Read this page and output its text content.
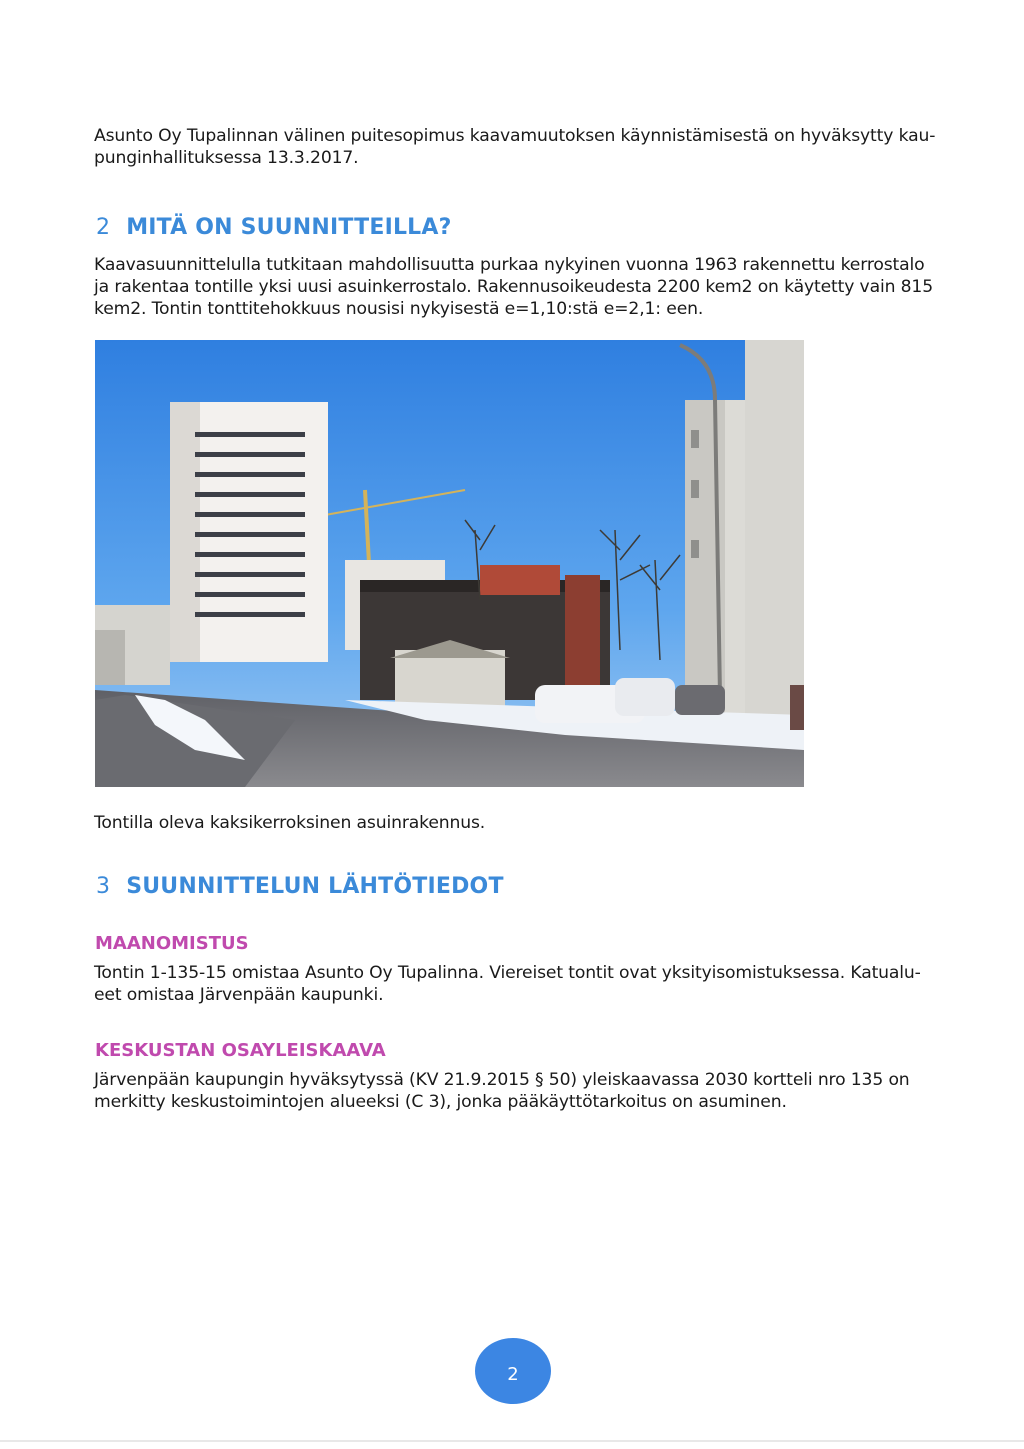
Asunto Oy Tupalinnan välinen puitesopimus kaavamuutoksen käynnistämisestä on hyväksytty kau-
punginhallituksessa 13.3.2017.
2 MITÄ ON SUUNNITTEILLA?
Kaavasuunnittelulla tutkitaan mahdollisuutta purkaa nykyinen vuonna 1963 rakennettu kerrostalo
ja rakentaa tontille yksi uusi asuinkerrostalo. Rakennusoikeudesta 2200 kem2 on käytetty vain 815
kem2. Tontin tonttitehokkuus nousisi nykyisestä e=1,10:stä e=2,1: een.
Tontilla oleva kaksikerroksinen asuinrakennus.
3 SUUNNITTELUN LÄHTÖTIEDOT
MAANOMISTUS
Tontin 1-135-15 omistaa Asunto Oy Tupalinna. Viereiset tontit ovat yksityisomistuksessa. Katualu-
eet omistaa Järvenpään kaupunki.
KESKUSTAN OSAYLEISKAAVA
Järvenpään kaupungin hyväksytyssä (KV 21.9.2015 § 50) yleiskaavassa 2030 kortteli nro 135 on
merkitty keskustoimintojen alueeksi (C 3), jonka pääkäyttötarkoitus on asuminen.
2
